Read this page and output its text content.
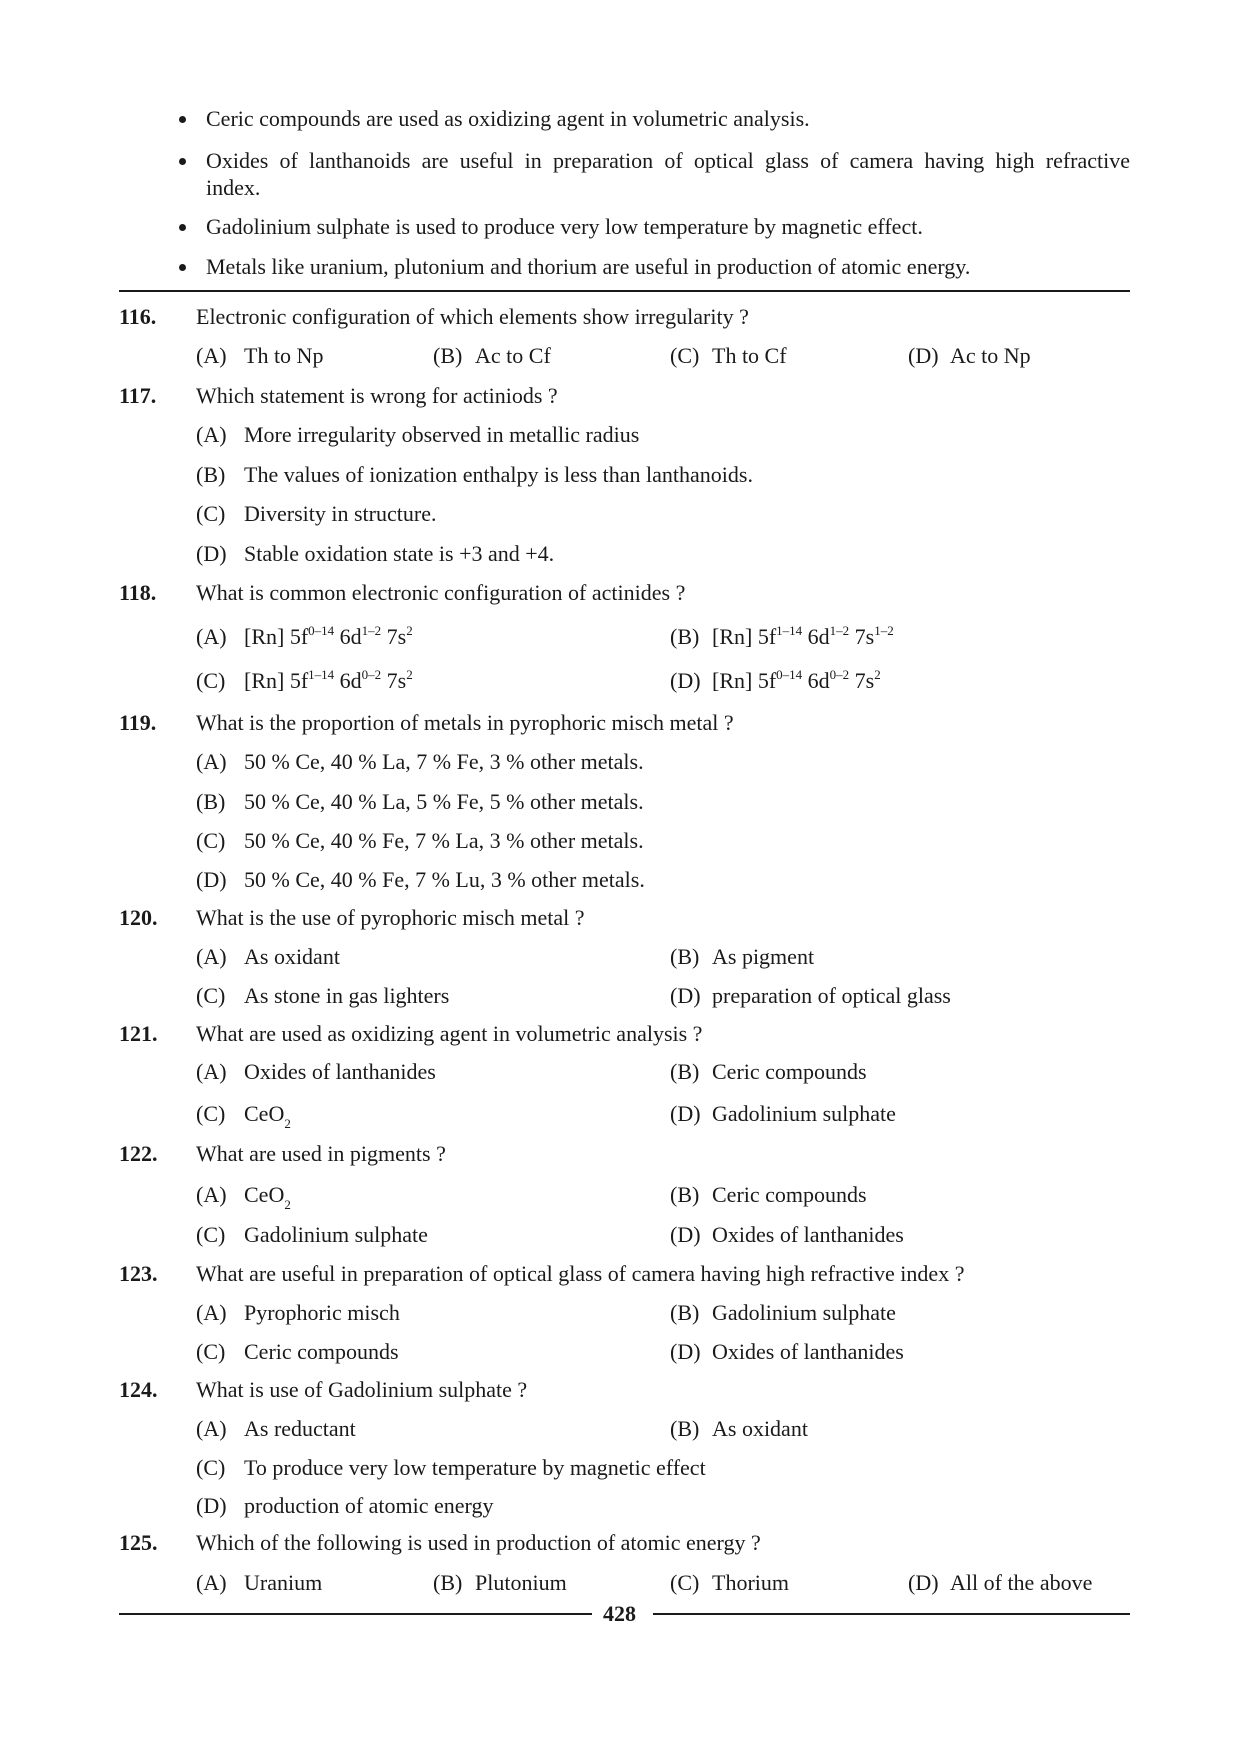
Ceric compounds are used as oxidizing agent in volumetric analysis.
Oxides of lanthanoids are useful in preparation of optical glass of camera having high refractive
index.
Gadolinium sulphate is used to produce very low temperature by magnetic effect.
Metals like uranium, plutonium and thorium are useful in production of atomic energy.
116. Electronic configuration of which elements show irregularity ?
(A) Th to Np	(B) Ac to Cf	(C) Th to Cf	(D) Ac to Np
117. Which statement is wrong for actiniods ?
(A) More irregularity observed in metallic radius
(B) The values of ionization enthalpy is less than lanthanoids.
(C) Diversity in structure.
(D) Stable oxidation state is +3 and +4.
118. What is common electronic configuration of actinides ?
(A) [Rn] $5f^{0-14}$ $6d^{1-2}$ $7s^2$	(B) [Rn] $5f^{1-14}$ $6d^{1-2}$ $7s^{1-2}$
(C) [Rn] $5f^{1-14}$ $6d^{0-2}$ $7s^2$	(D) [Rn] $5f^{0-14}$ $6d^{0-2}$ $7s^2$
119. What is the proportion of metals in pyrophoric misch metal ?
(A) 50 % Ce, 40 % La, 7 % Fe, 3 % other metals.
(B) 50 % Ce, 40 % La, 5 % Fe, 5 % other metals.
(C) 50 % Ce, 40 % Fe, 7 % La, 3 % other metals.
(D) 50 % Ce, 40 % Fe, 7 % Lu, 3 % other metals.
120. What is the use of pyrophoric misch metal ?
(A) As oxidant	(B) As pigment
(C) As stone in gas lighters	(D) preparation of optical glass
121. What are used as oxidizing agent in volumetric analysis ?
(A) Oxides of lanthanides	(B) Ceric compounds
(C) CeO$_2$	(D) Gadolinium sulphate
122. What are used in pigments ?
(A) CeO$_2$	(B) Ceric compounds
(C) Gadolinium sulphate	(D) Oxides of lanthanides
123. What are useful in preparation of optical glass of camera having high refractive index ?
(A) Pyrophoric misch	(B) Gadolinium sulphate
(C) Ceric compounds	(D) Oxides of lanthanides
124. What is use of Gadolinium sulphate ?
(A) As reductant	(B) As oxidant
(C) To produce very low temperature by magnetic effect
(D) production of atomic energy
125. Which of the following is used in production of atomic energy ?
(A) Uranium	(B) Plutonium	(C) Thorium	(D) All of the above
428
